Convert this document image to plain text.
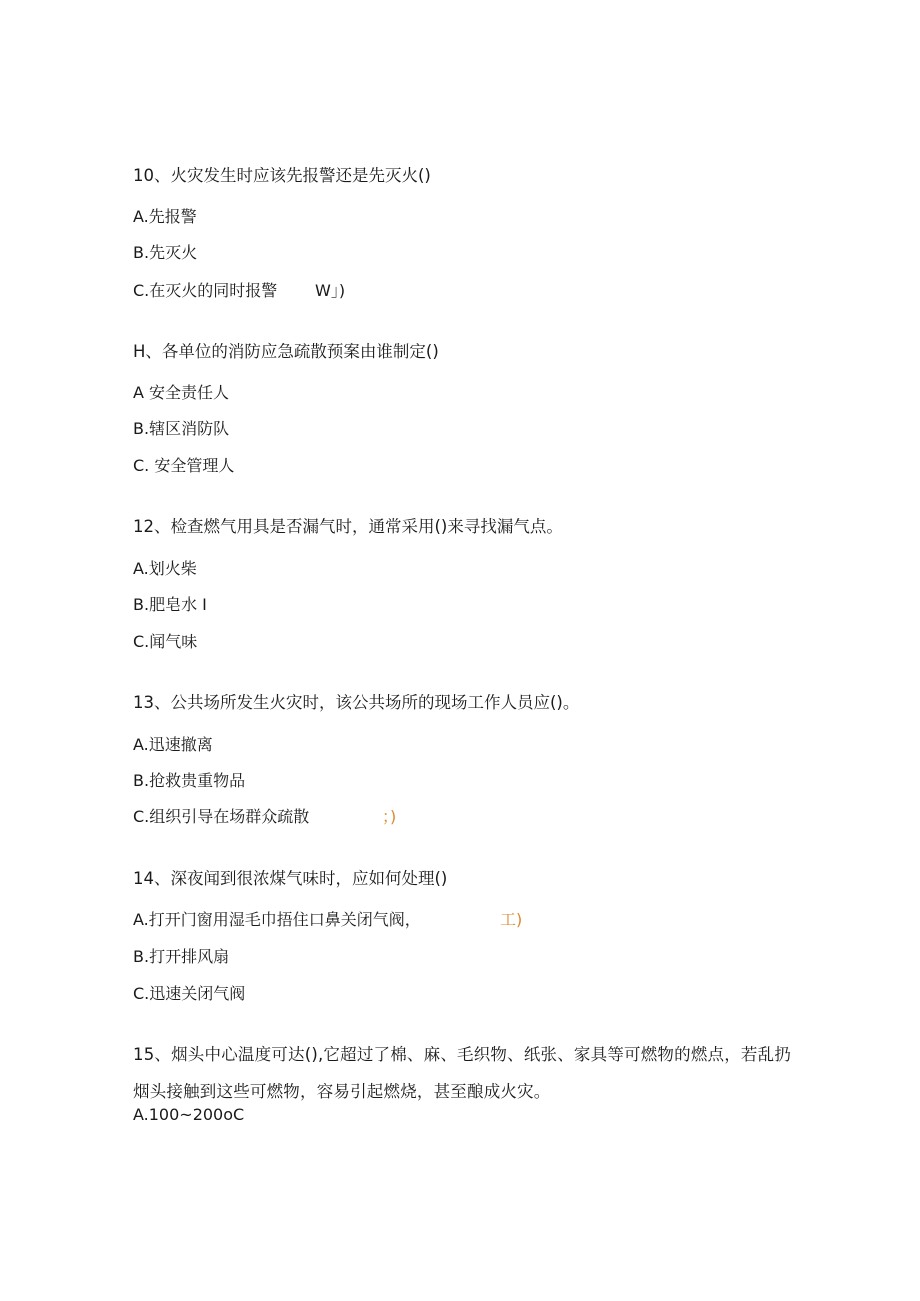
10、火灾发生时应该先报警还是先灭火()
A.先报警
B.先灭火
C.在灭火的同时报警 W」)
H、各单位的消防应急疏散预案由谁制定()
A 安全责任人
B.辖区消防队
C. 安全管理人
12、检查燃气用具是否漏气时，通常采用()来寻找漏气点。
A.划火柴
B.肥皂水 I
C.闻气味
13、公共场所发生火灾时，该公共场所的现场工作人员应()。
A.迅速撤离
B.抢救贵重物品
C.组织引导在场群众疏散	；)
14、深夜闻到很浓煤气味时，应如何处理()
A.打开门窗用湿毛巾捂住口鼻关闭气阀，	工)
B.打开排风扇
C.迅速关闭气阀
15、烟头中心温度可达(),它超过了棉、麻、毛织物、纸张、家具等可燃物的燃点，若乱扔烟头接触到这些可燃物，容易引起燃烧，甚至酿成火灾。
A.100~200oC
